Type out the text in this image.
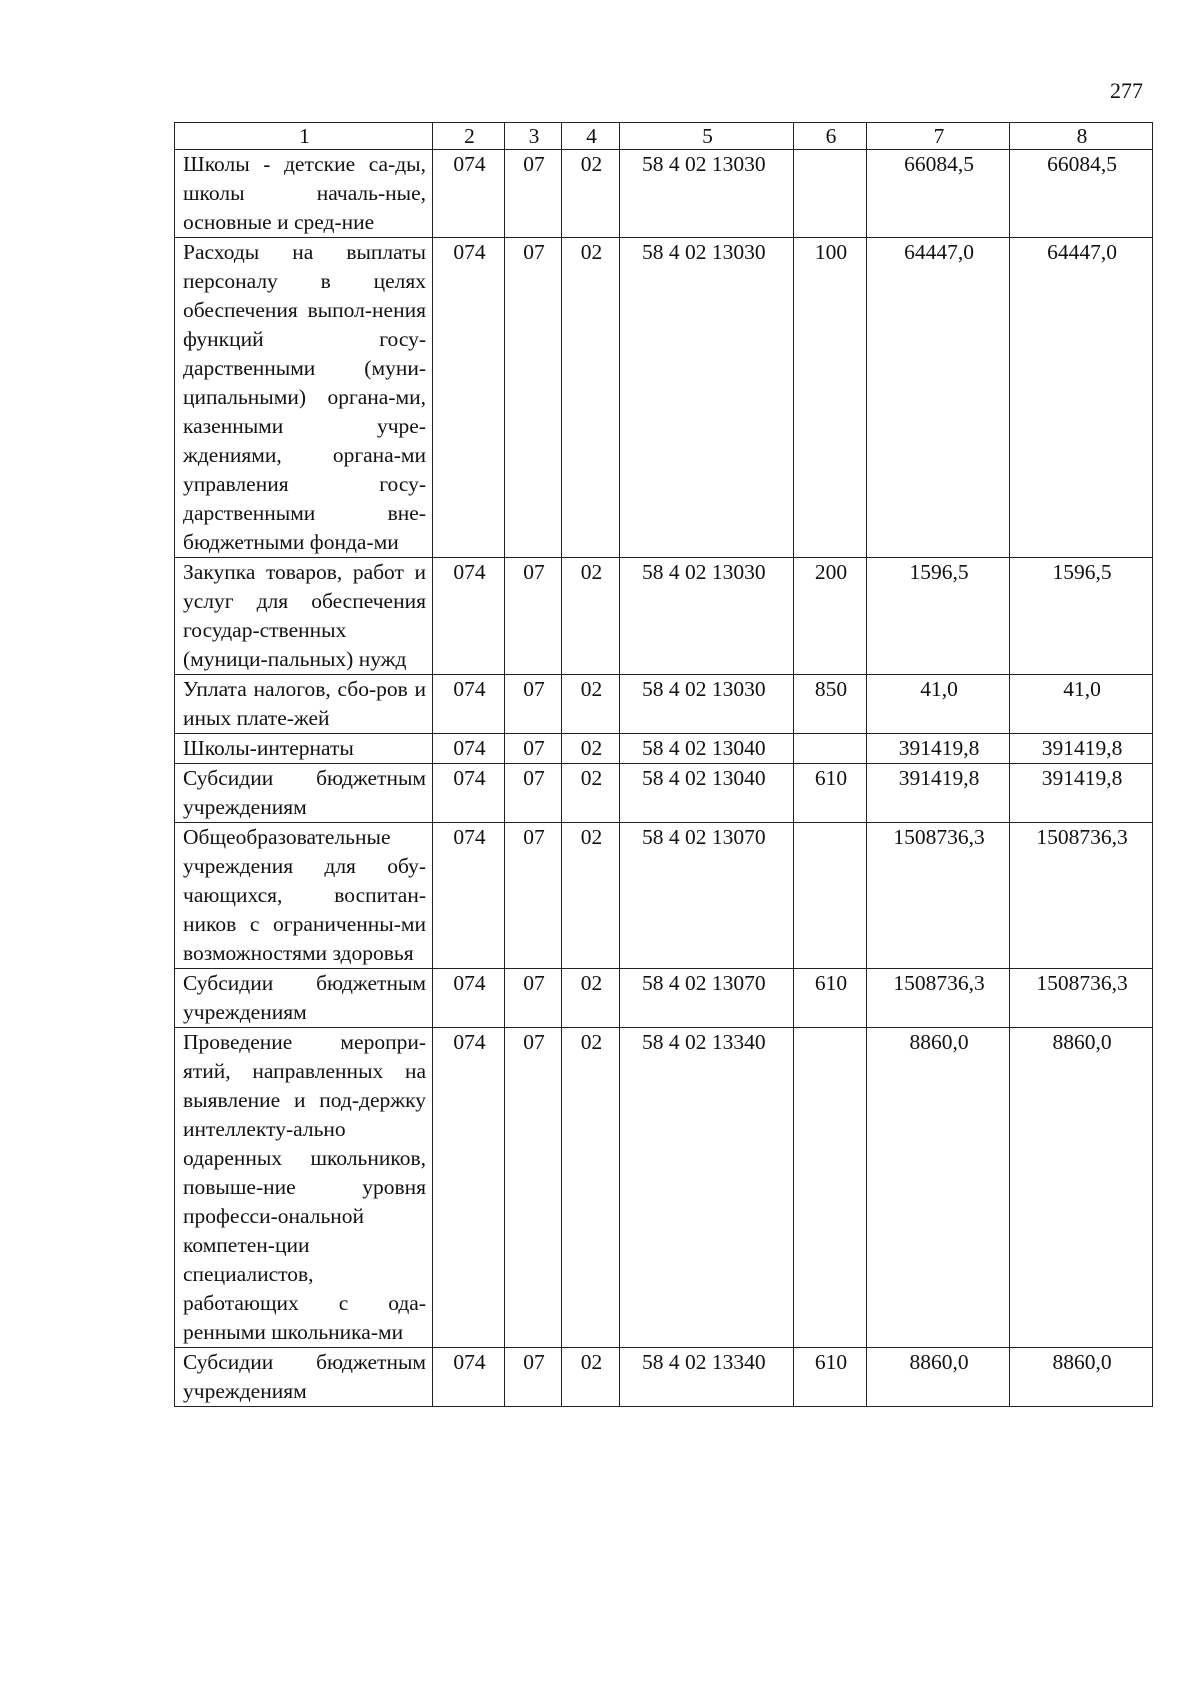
277
1	2	3	4	5	6	7	8
Школы - детские са-ды, школы началь-ные, основные и сред-ние	074	07	02	58 4 02 13030		66084,5	66084,5
Расходы на выплаты персоналу в целях обеспечения выпол-нения функций госу-дарственными (муни-ципальными) органа-ми, казенными учре-ждениями, органа-ми управления госу-дарственными вне-бюджетными фонда-ми	074	07	02	58 4 02 13030	100	64447,0	64447,0
Закупка товаров, работ и услуг для обеспечения государ-ственных (муници-пальных) нужд	074	07	02	58 4 02 13030	200	1596,5	1596,5
Уплата налогов, сбо-ров и иных плате-жей	074	07	02	58 4 02 13030	850	41,0	41,0
Школы-интернаты	074	07	02	58 4 02 13040		391419,8	391419,8
Субсидии бюджетным учреждениям	074	07	02	58 4 02 13040	610	391419,8	391419,8
Общеобразовательные учреждения для обу-чающихся, воспитан-ников с ограниченны-ми возможностями здоровья	074	07	02	58 4 02 13070		1508736,3	1508736,3
Субсидии бюджетным учреждениям	074	07	02	58 4 02 13070	610	1508736,3	1508736,3
Проведение меропри-ятий, направленных на выявление и под-держку интеллекту-ально одаренных школьников, повыше-ние уровня професси-ональной компетен-ции специалистов, работающих с ода-ренными школьника-ми	074	07	02	58 4 02 13340		8860,0	8860,0
Субсидии бюджетным учреждениям	074	07	02	58 4 02 13340	610	8860,0	8860,0
